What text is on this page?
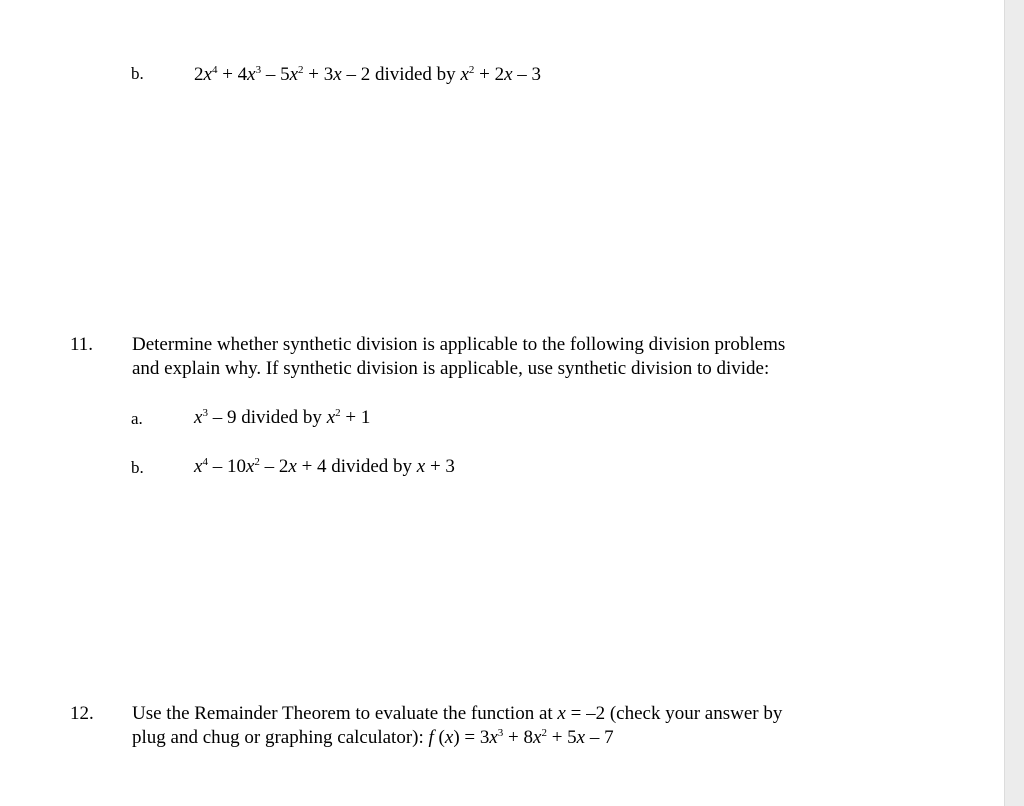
b.	$2x^4 + 4x^3 - 5x^2 + 3x - 2$ divided by $x^2 + 2x - 3$
11. Determine whether synthetic division is applicable to the following division problems
and explain why. If synthetic division is applicable, use synthetic division to divide:
a.	$x^3 - 9$ divided by $x^2 + 1$
b.	$x^4 - 10x^2 - 2x + 4$ divided by x + 3
12. Use the Remainder Theorem to evaluate the function at x = –2 (check your answer by
plug and chug or graphing calculator): f $(x) = 3x^3 + 8x^2 + 5x - 7$
